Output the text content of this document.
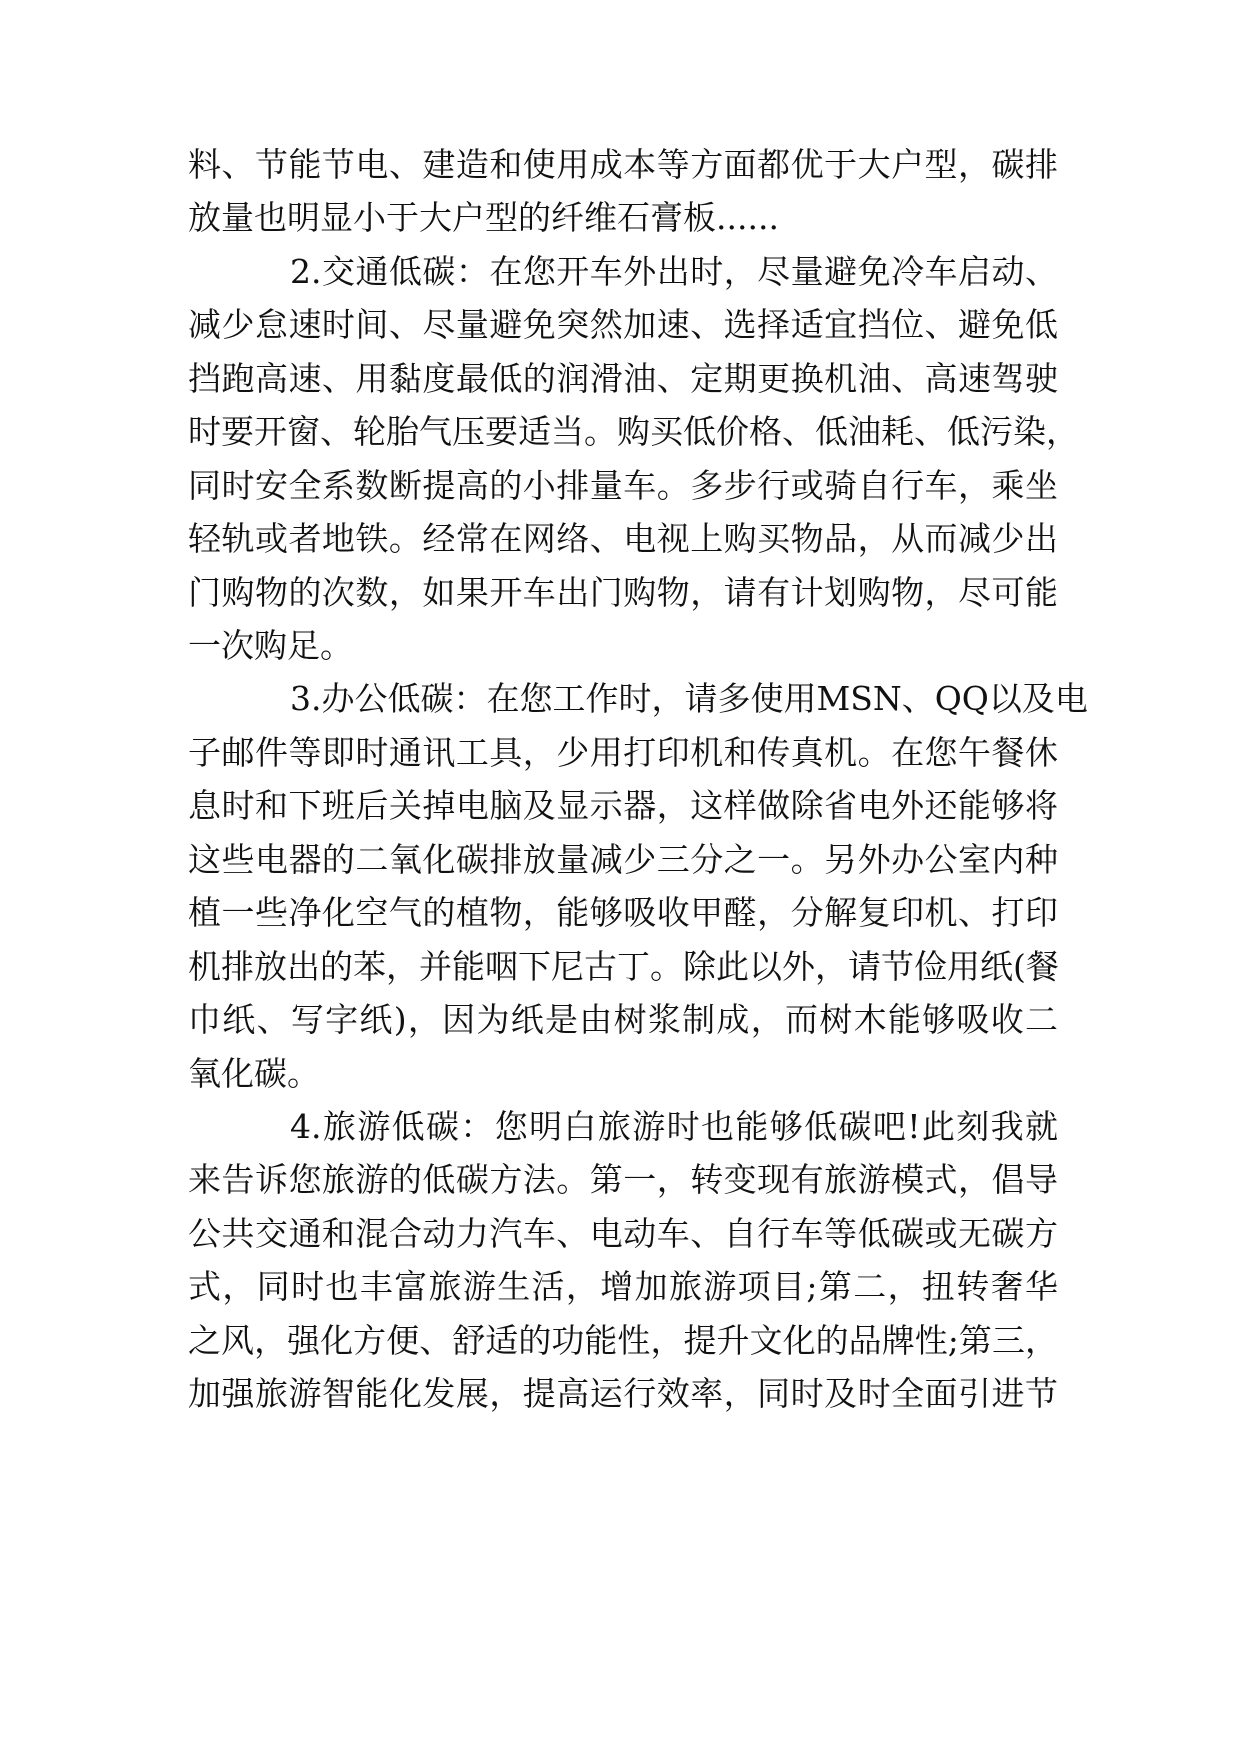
料、节能节电、建造和使用成本等方面都优于大户型，碳排
放量也明显小于大户型的纤维石膏板......
2.交通低碳：在您开车外出时，尽量避免冷车启动、
减少怠速时间、尽量避免突然加速、选择适宜挡位、避免低
挡跑高速、用黏度最低的润滑油、定期更换机油、高速驾驶
时要开窗、轮胎气压要适当。购买低价格、低油耗、低污染，
同时安全系数断提高的小排量车。多步行或骑自行车，乘坐
轻轨或者地铁。经常在网络、电视上购买物品，从而减少出
门购物的次数，如果开车出门购物，请有计划购物，尽可能
一次购足。
3.办公低碳：在您工作时，请多使用MSN、QQ以及电
子邮件等即时通讯工具，少用打印机和传真机。在您午餐休
息时和下班后关掉电脑及显示器，这样做除省电外还能够将
这些电器的二氧化碳排放量减少三分之一。另外办公室内种
植一些净化空气的植物，能够吸收甲醛，分解复印机、打印
机排放出的苯，并能咽下尼古丁。除此以外，请节俭用纸(餐
巾纸、写字纸)，因为纸是由树浆制成，而树木能够吸收二
氧化碳。
4.旅游低碳：您明白旅游时也能够低碳吧!此刻我就
来告诉您旅游的低碳方法。第一，转变现有旅游模式，倡导
公共交通和混合动力汽车、电动车、自行车等低碳或无碳方
式，同时也丰富旅游生活，增加旅游项目;第二，扭转奢华
之风，强化方便、舒适的功能性，提升文化的品牌性;第三，
加强旅游智能化发展，提高运行效率，同时及时全面引进节
